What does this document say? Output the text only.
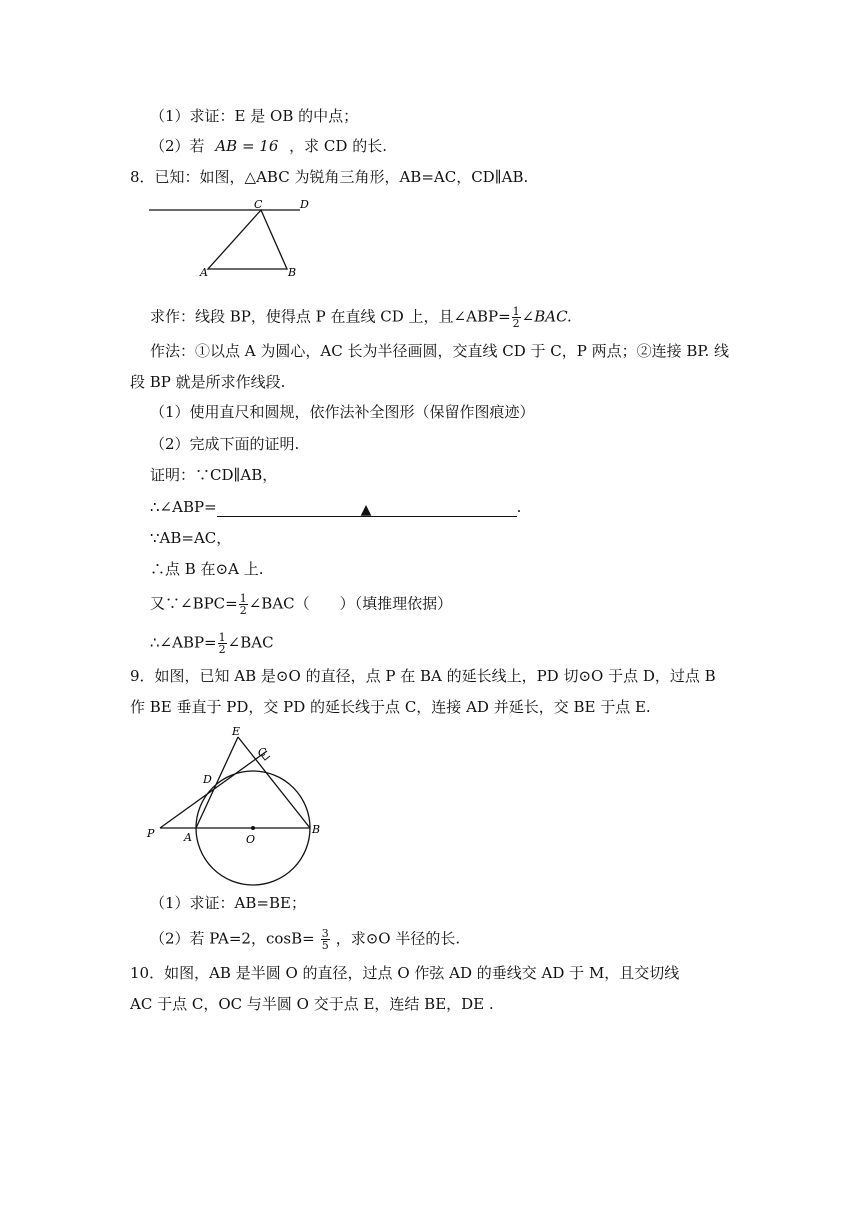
（1）求证：E 是 OB 的中点；
（2）若 AB = 16 ，求 CD 的长.
8．已知：如图，△ABC 为锐角三角形，AB=AC，CD∥AB.
C	D
A	B
求作：线段 BP，使得点 P 在直线 CD 上，且∠ABP= $\frac{1}{2}$ ∠BAC.
作法：①以点 A 为圆心，AC 长为半径画圆，交直线 CD 于 C，P 两点；②连接 BP. 线
段 BP 就是所求作线段.
（1）使用直尺和圆规，依作法补全图形（保留作图痕迹）
（2）完成下面的证明.
证明：∵CD∥AB，
∴∠ABP=	▲	.
∵AB=AC，
∴点 B 在⊙A 上.
又∵∠BPC= $\frac{1}{2}$ ∠BAC（　　）（填推理依据）
∴∠ABP= $\frac{1}{2}$ ∠BAC
9．如图，已知 AB 是⊙O 的直径，点 P 在 BA 的延长线上，PD 切⊙O 于点 D，过点 B
作 BE 垂直于 PD，交 PD 的延长线于点 C，连接 AD 并延长，交 BE 于点 E.
E
C
D
P	A	O
B
（1）求证：AB=BE；
（2）若 PA=2，$\cos B= \frac{3}{5}$ ，求⊙O 半径的长.
10．如图，AB 是半圆 O 的直径，过点 O 作弦 AD 的垂线交 AD 于 M，且交切线
AC 于点 C，OC 与半圆 O 交于点 E，连结 BE，DE .
